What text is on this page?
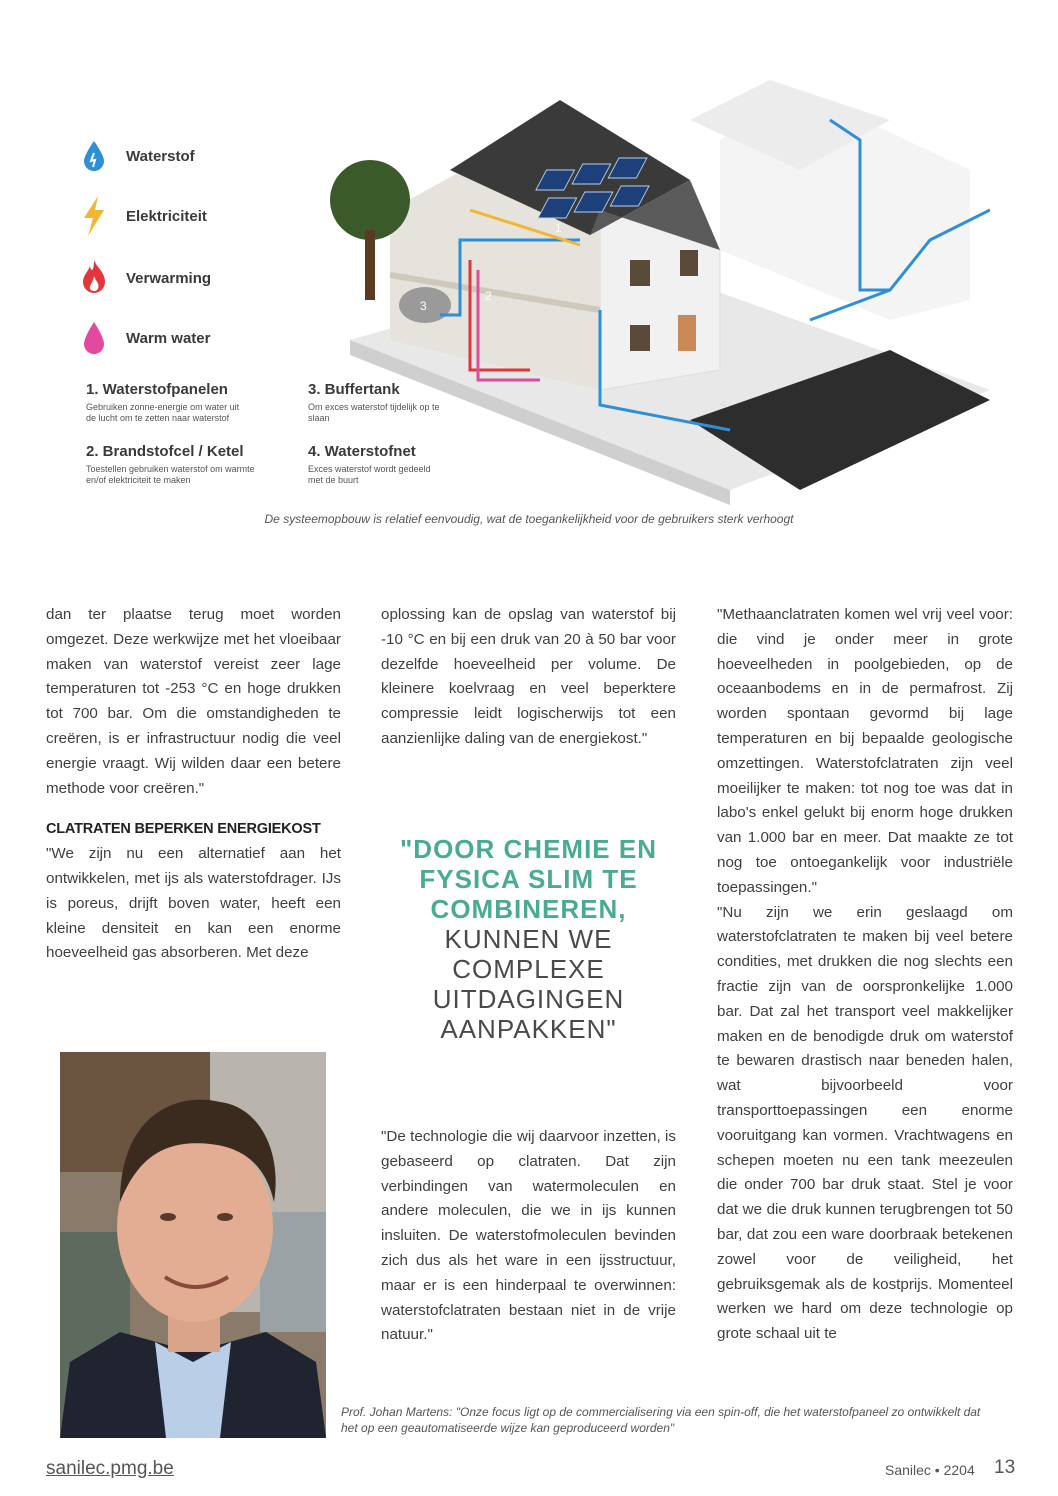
1
2
3
4
Waterstof
Elektriciteit
Verwarming
Warm water
1. Waterstofpanelen
Gebruiken zonne-energie om water uit de lucht om te zetten naar waterstof
2. Brandstofcel / Ketel
Toestellen gebruiken waterstof om warmte en/of elektriciteit te maken
3. Buffertank
Om exces waterstof tijdelijk op te slaan
4. Waterstofnet
Exces waterstof wordt gedeeld met de buurt
De systeemopbouw is relatief eenvoudig, wat de toegankelijkheid voor de gebruikers sterk verhoogt

dan ter plaatse terug moet worden omgezet. Deze werkwijze met het vloeibaar maken van waterstof vereist zeer lage temperaturen tot -253 °C en hoge drukken tot 700 bar. Om die omstandigheden te creëren, is er infrastructuur nodig die veel energie vraagt. Wij wilden daar een betere methode voor creëren."

CLATRATEN BEPERKEN ENERGIEKOST

"We zijn nu een alternatief aan het ontwikkelen, met ijs als waterstofdrager. IJs is poreus, drijft boven water, heeft een kleine densiteit en kan een enorme hoeveelheid gas absorberen. Met deze

oplossing kan de opslag van waterstof bij -10 °C en bij een druk van 20 à 50 bar voor dezelfde hoeveelheid per volume. De kleinere koelvraag en veel beperktere compressie leidt logischerwijs tot een aanzienlijke daling van de energiekost."

"DOOR CHEMIE EN FYSICA SLIM TE COMBINEREN,
KUNNEN WE COMPLEXE UITDAGINGEN AANPAKKEN"

"De technologie die wij daarvoor inzetten, is gebaseerd op clatraten. Dat zijn verbindingen van watermoleculen en andere moleculen, die we in ijs kunnen insluiten. De waterstofmoleculen bevinden zich dus als het ware in een ijsstructuur, maar er is een hinderpaal te overwinnen: waterstofclatraten bestaan niet in de vrije natuur."

"Methaanclatraten komen wel vrij veel voor: die vind je onder meer in grote hoeveelheden in poolgebieden, op de oceaanbodems en in de permafrost. Zij worden spontaan gevormd bij lage temperaturen en bij bepaalde geologische omzettingen. Waterstofclatraten zijn veel moeilijker te maken: tot nog toe was dat in labo's enkel gelukt bij enorm hoge drukken van 1.000 bar en meer. Dat maakte ze tot nog toe ontoegankelijk voor industriële toepassingen."

"Nu zijn we erin geslaagd om waterstofclatraten te maken bij veel betere condities, met drukken die nog slechts een fractie zijn van de oorspronkelijke 1.000 bar. Dat zal het transport veel makkelijker maken en de benodigde druk om waterstof te bewaren drastisch naar beneden halen, wat bijvoorbeeld voor transporttoepassingen een enorme vooruitgang kan vormen. Vrachtwagens en schepen moeten nu een tank meezeulen die onder 700 bar druk staat. Stel je voor dat we die druk kunnen terugbrengen tot 50 bar, dat zou een ware doorbraak betekenen zowel voor de veiligheid, het gebruiksgemak als de kostprijs. Momenteel werken we hard om deze technologie op grote schaal uit te

Prof. Johan Martens: "Onze focus ligt op de commercialisering via een spin-off, die het waterstofpaneel zo ontwikkelt dat het op een geautomatiseerde wijze kan geproduceerd worden"
sanilec.pmg.be	Sanilec • 2204 13
